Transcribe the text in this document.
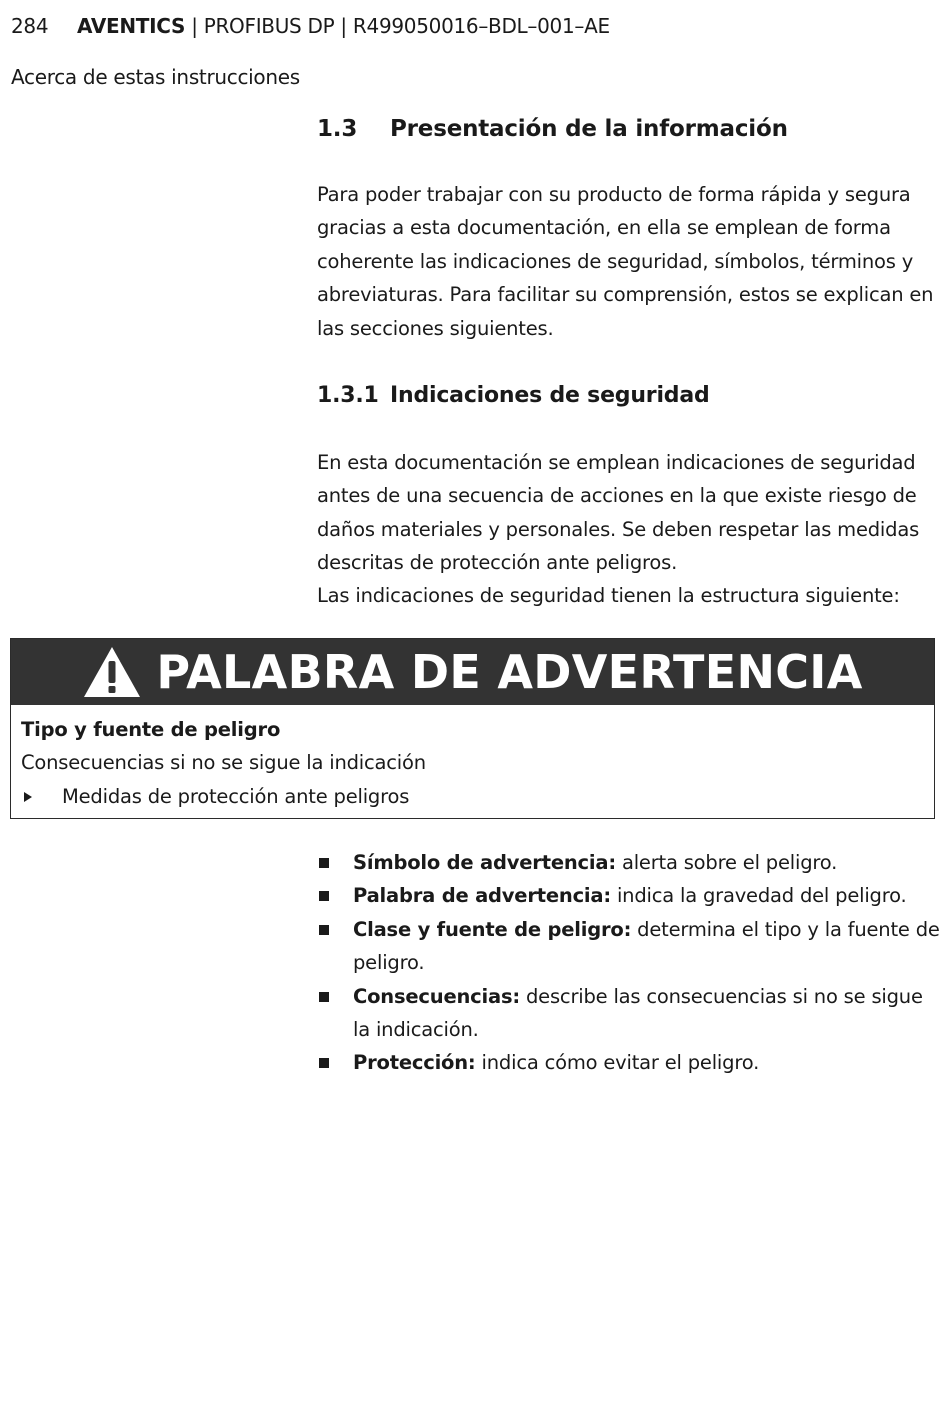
284 AVENTICS | PROFIBUS DP | R499050016–BDL–001–AE
Acerca de estas instrucciones
1.3 Presentación de la información

Para poder trabajar con su producto de forma rápida y segura gracias a esta documentación, en ella se emplean de forma coherente las indicaciones de seguridad, símbolos, términos y abreviaturas. Para facilitar su comprensión, estos se explican en las secciones siguientes.

1.3.1 Indicaciones de seguridad

En esta documentación se emplean indicaciones de seguridad antes de una secuencia de acciones en la que existe riesgo de daños materiales y personales. Se deben respetar las medidas descritas de protección ante peligros.

Las indicaciones de seguridad tienen la estructura siguiente:

PALABRA DE ADVERTENCIA
Tipo y fuente de peligro
Consecuencias si no se sigue la indicación
Medidas de protección ante peligros
Símbolo de advertencia: alerta sobre el peligro.
Palabra de advertencia: indica la gravedad del peligro.
Clase y fuente de peligro: determina el tipo y la fuente de peligro.
Consecuencias: describe las consecuencias si no se sigue la indicación.
Protección: indica cómo evitar el peligro.
